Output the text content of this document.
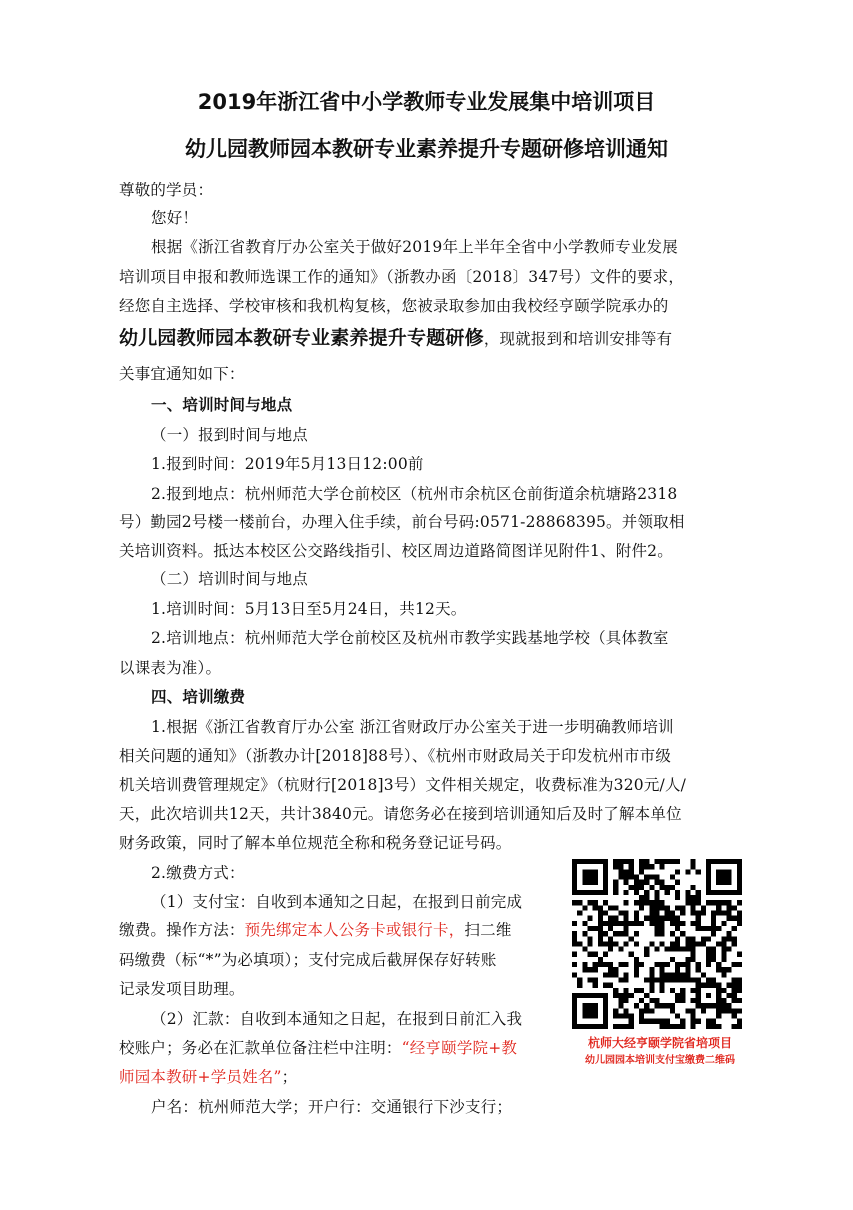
2019年浙江省中小学教师专业发展集中培训项目
幼儿园教师园本教研专业素养提升专题研修培训通知
尊敬的学员：
您好！
根据《浙江省教育厅办公室关于做好2019年上半年全省中小学教师专业发展
培训项目申报和教师选课工作的通知》（浙教办函〔2018〕347号）文件的要求，
经您自主选择、学校审核和我机构复核，您被录取参加由我校经亨颐学院承办的
幼儿园教师园本教研专业素养提升专题研修，现就报到和培训安排等有
关事宜通知如下：
一、培训时间与地点
（一）报到时间与地点
1.报到时间：2019年5月13日12:00前
2.报到地点：杭州师范大学仓前校区（杭州市余杭区仓前街道余杭塘路2318
号）勤园2号楼一楼前台，办理入住手续，前台号码:0571-28868395。并领取相
关培训资料。抵达本校区公交路线指引、校区周边道路简图详见附件1、附件2。
（二）培训时间与地点
1.培训时间：5月13日至5月24日，共12天。
2.培训地点：杭州师范大学仓前校区及杭州市教学实践基地学校（具体教室
以课表为准）。
四、培训缴费
1.根据《浙江省教育厅办公室 浙江省财政厅办公室关于进一步明确教师培训
相关问题的通知》（浙教办计[2018]88号）、《杭州市财政局关于印发杭州市市级
机关培训费管理规定》（杭财行[2018]3号）文件相关规定，收费标准为320元/人/
天，此次培训共12天，共计3840元。请您务必在接到培训通知后及时了解本单位
财务政策，同时了解本单位规范全称和税务登记证号码。
2.缴费方式：
（1）支付宝：自收到本通知之日起，在报到日前完成
缴费。操作方法：预先绑定本人公务卡或银行卡，扫二维
码缴费（标“*”为必填项）；支付完成后截屏保存好转账
记录发项目助理。
（2）汇款：自收到本通知之日起，在报到日前汇入我
校账户；务必在汇款单位备注栏中注明：“经亨颐学院+教
师园本教研+学员姓名”；
户名：杭州师范大学；开户行：交通银行下沙支行；
杭师大经亨颐学院省培项目
幼儿园园本培训支付宝缴费二维码
